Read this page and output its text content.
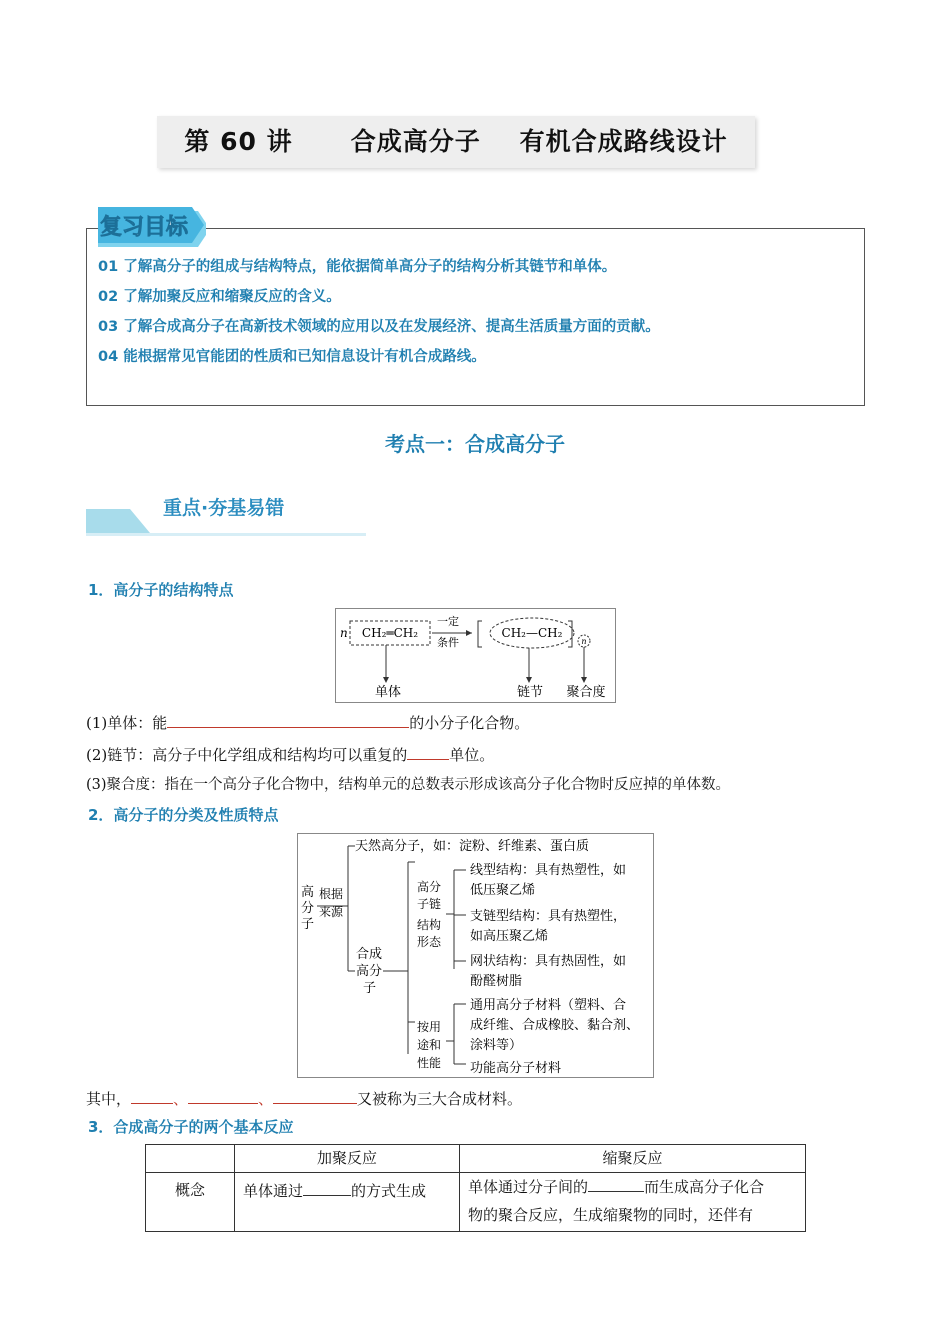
第 60 讲      合成高分子    有机合成路线设计
复习目标
01 了解高分子的组成与结构特点，能依据简单高分子的结构分析其链节和单体。
02 了解加聚反应和缩聚反应的含义。
03 了解合成高分子在高新技术领域的应用以及在发展经济、提高生活质量方面的贡献。
04 能根据常见官能团的性质和已知信息设计有机合成路线。
考点一：合成高分子
重点·夯基易错
1．高分子的结构特点
n CH₂═CH₂
一定
条件
CH₂—CH₂
n
单体	链节 聚合度
(1)单体：能	的小分子化合物。
(2)链节：高分子中化学组成和结构均可以重复的	单位。
(3)聚合度：指在一个高分子化合物中，结构单元的总数表示形成该高分子化合物时反应掉的单体数。
2．高分子的分类及性质特点
高
分
子
根据
来源
天然高分子，如：淀粉、纤维素、蛋白质
合成
高分
子
高分
子链
结构
形态
线型结构：具有热塑性，如
低压聚乙烯
支链型结构：具有热塑性，
如高压聚乙烯
网状结构：具有热固性，如
酚醛树脂
按用
途和
性能
通用高分子材料（塑料、合
成纤维、合成橡胶、黏合剂、
涂料等）
功能高分子材料
其中，	、	、	又被称为三大合成材料。
3．合成高分子的两个基本反应
	加聚反应	缩聚反应
概念	单体通过 的方式生成	单体通过分子间的 而生成高分子化合
物的聚合反应，生成缩聚物的同时，还伴有
